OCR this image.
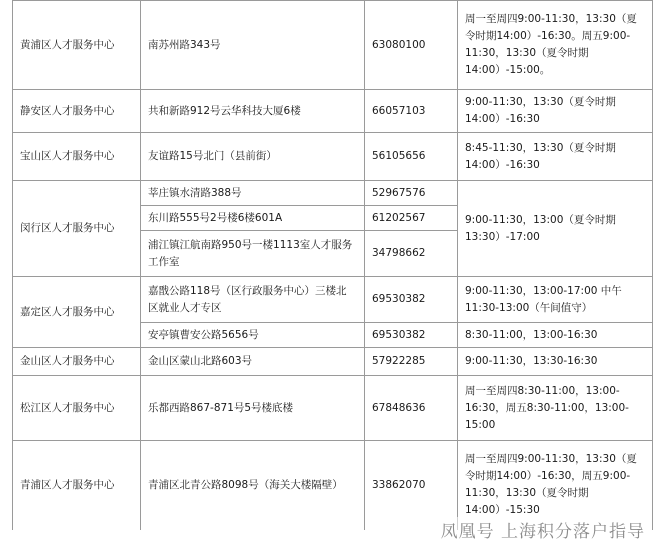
黄浦区人才服务中心	南苏州路343号	63080100	周一至周四9:00-11:30，13:30（夏令时期14:00）-16:30。周五9:00-11:30，13:30（夏令时期14:00）-15:00。
静安区人才服务中心	共和新路912号云华科技大厦6楼	66057103	9:00-11:30，13:30（夏令时期14:00）-16:30
宝山区人才服务中心	友谊路15号北门（县前街）	56105656	8:45-11:30，13:30（夏令时期14:00）-16:30
闵行区人才服务中心	莘庄镇水清路388号	52967576	9:00-11:30，13:00（夏令时期13:30）-17:00
	东川路555号2号楼6楼601A	61202567	
	浦江镇江航南路950号一楼1113室人才服务工作室	34798662	
嘉定区人才服务中心	嘉戬公路118号（区行政服务中心）三楼北区就业人才专区	69530382	9:00-11:30，13:00-17:00 中午11:30-13:00（午间值守）
	安亭镇曹安公路5656号	69530382	8:30-11:00，13:00-16:30
金山区人才服务中心	金山区蒙山北路603号	57922285	9:00-11:30，13:30-16:30
松江区人才服务中心	乐都西路867-871号5号楼底楼	67848636	周一至周四8:30-11:00，13:00-16:30，周五8:30-11:00，13:00-15:00
青浦区人才服务中心	青浦区北青公路8098号（海关大楼隔壁）	33862070	周一至周四9:00-11:30，13:30（夏令时期14:00）-16:30，周五9:00-11:30，13:30（夏令时期14:00）-15:30
凤凰号 上海积分落户指导
